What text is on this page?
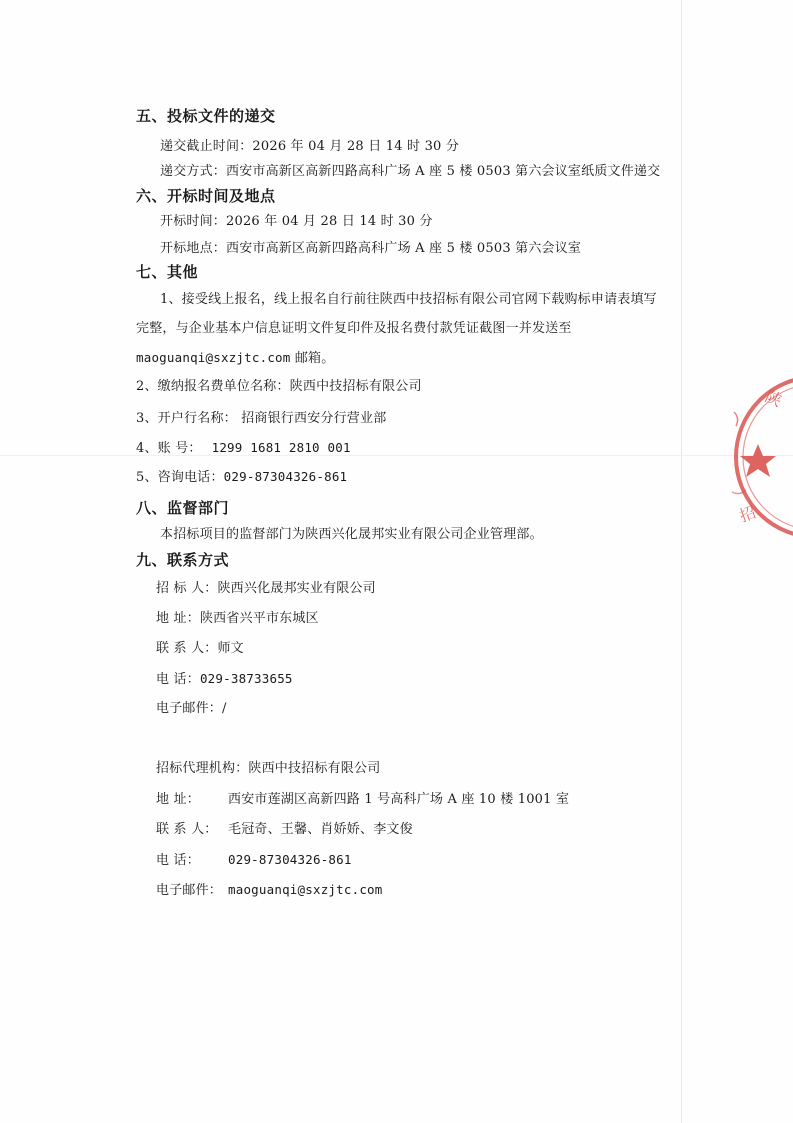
五、投标文件的递交
递交截止时间：2026 年 04 月 28 日 14 时 30 分
递交方式：西安市高新区高新四路高科广场 A 座 5 楼 0503 第六会议室纸质文件递交
六、开标时间及地点
开标时间：2026 年 04 月 28 日 14 时 30 分
开标地点：西安市高新区高新四路高科广场 A 座 5 楼 0503 第六会议室
七、其他
1、接受线上报名，线上报名自行前往陕西中技招标有限公司官网下载购标申请表填写
完整，与企业基本户信息证明文件复印件及报名费付款凭证截图一并发送至
maoguanqi@sxzjtc.com 邮箱。
2、缴纳报名费单位名称：陕西中技招标有限公司
3、开户行名称： 招商银行西安分行营业部
4、账 号： 1299 1681 2810 001
5、咨询电话：029-87304326-861
八、监督部门
本招标项目的监督部门为陕西兴化晟邦实业有限公司企业管理部。
九、联系方式
招 标 人：陕西兴化晟邦实业有限公司
地 址：陕西省兴平市东城区
联 系 人：师文
电 话：029-38733655
电子邮件：/
招标代理机构：陕西中技招标有限公司
地 址： 西安市莲湖区高新四路 1 号高科广场 A 座 10 楼 1001 室
联 系 人： 毛冠奇、王馨、肖娇娇、李文俊
电 话： 029-87304326-861
电子邮件： maoguanqi@sxzjtc.com
陕
招
